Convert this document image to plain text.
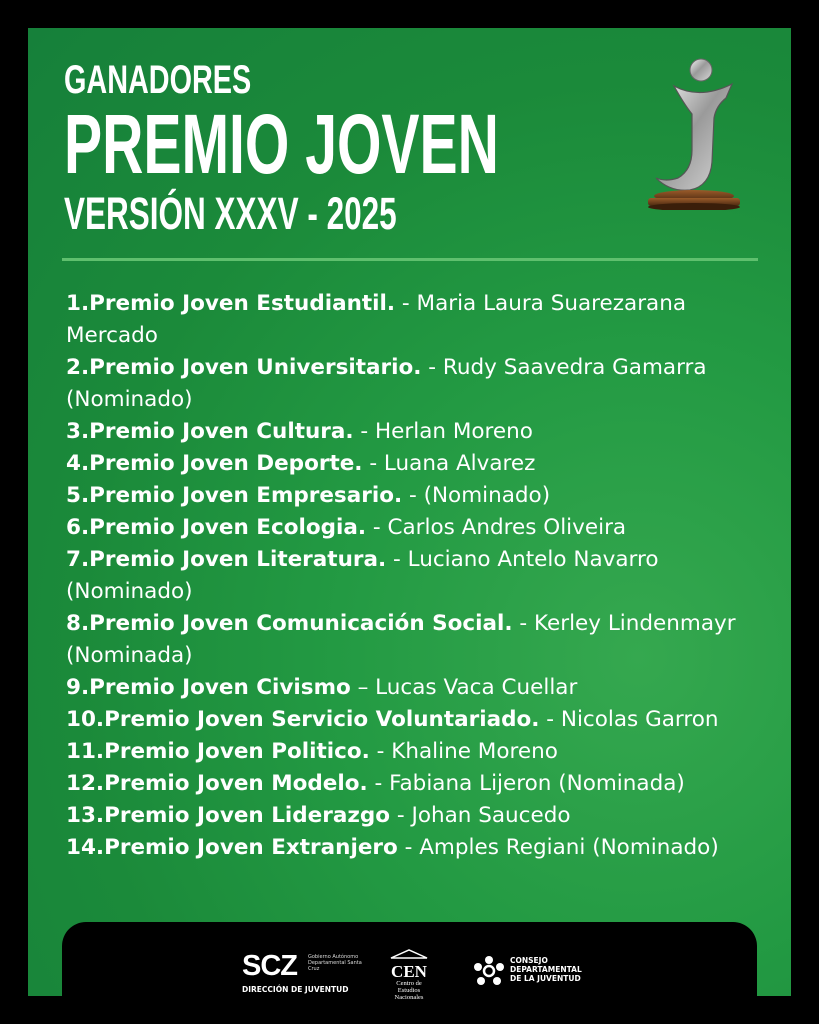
GANADORES
PREMIO JOVEN
VERSIÓN XXXV - 2025
1.Premio Joven Estudiantil. - Maria Laura Suarezarana Mercado
2.Premio Joven Universitario. - Rudy Saavedra Gamarra (Nominado)
3.Premio Joven Cultura. - Herlan Moreno
4.Premio Joven Deporte. - Luana Alvarez
5.Premio Joven Empresario. - (Nominado)
6.Premio Joven Ecologia. - Carlos Andres Oliveira
7.Premio Joven Literatura. - Luciano Antelo Navarro (Nominado)
8.Premio Joven Comunicación Social. - Kerley Lindenmayr (Nominada)
9.Premio Joven Civismo – Lucas Vaca Cuellar
10.Premio Joven Servicio Voluntariado. - Nicolas Garron
11.Premio Joven Politico. - Khaline Moreno
12.Premio Joven Modelo. - Fabiana Lijeron (Nominada)
13.Premio Joven Liderazgo - Johan Saucedo
14.Premio Joven Extranjero - Amples Regiani (Nominado)
SCZ Gobierno Autónomo Departamental Santa Cruz
DIRECCIÓN DE JUVENTUD
CEN
Centro de
Estudios
Nacionales
CONSEJO
DEPARTAMENTAL
DE LA JUVENTUD
